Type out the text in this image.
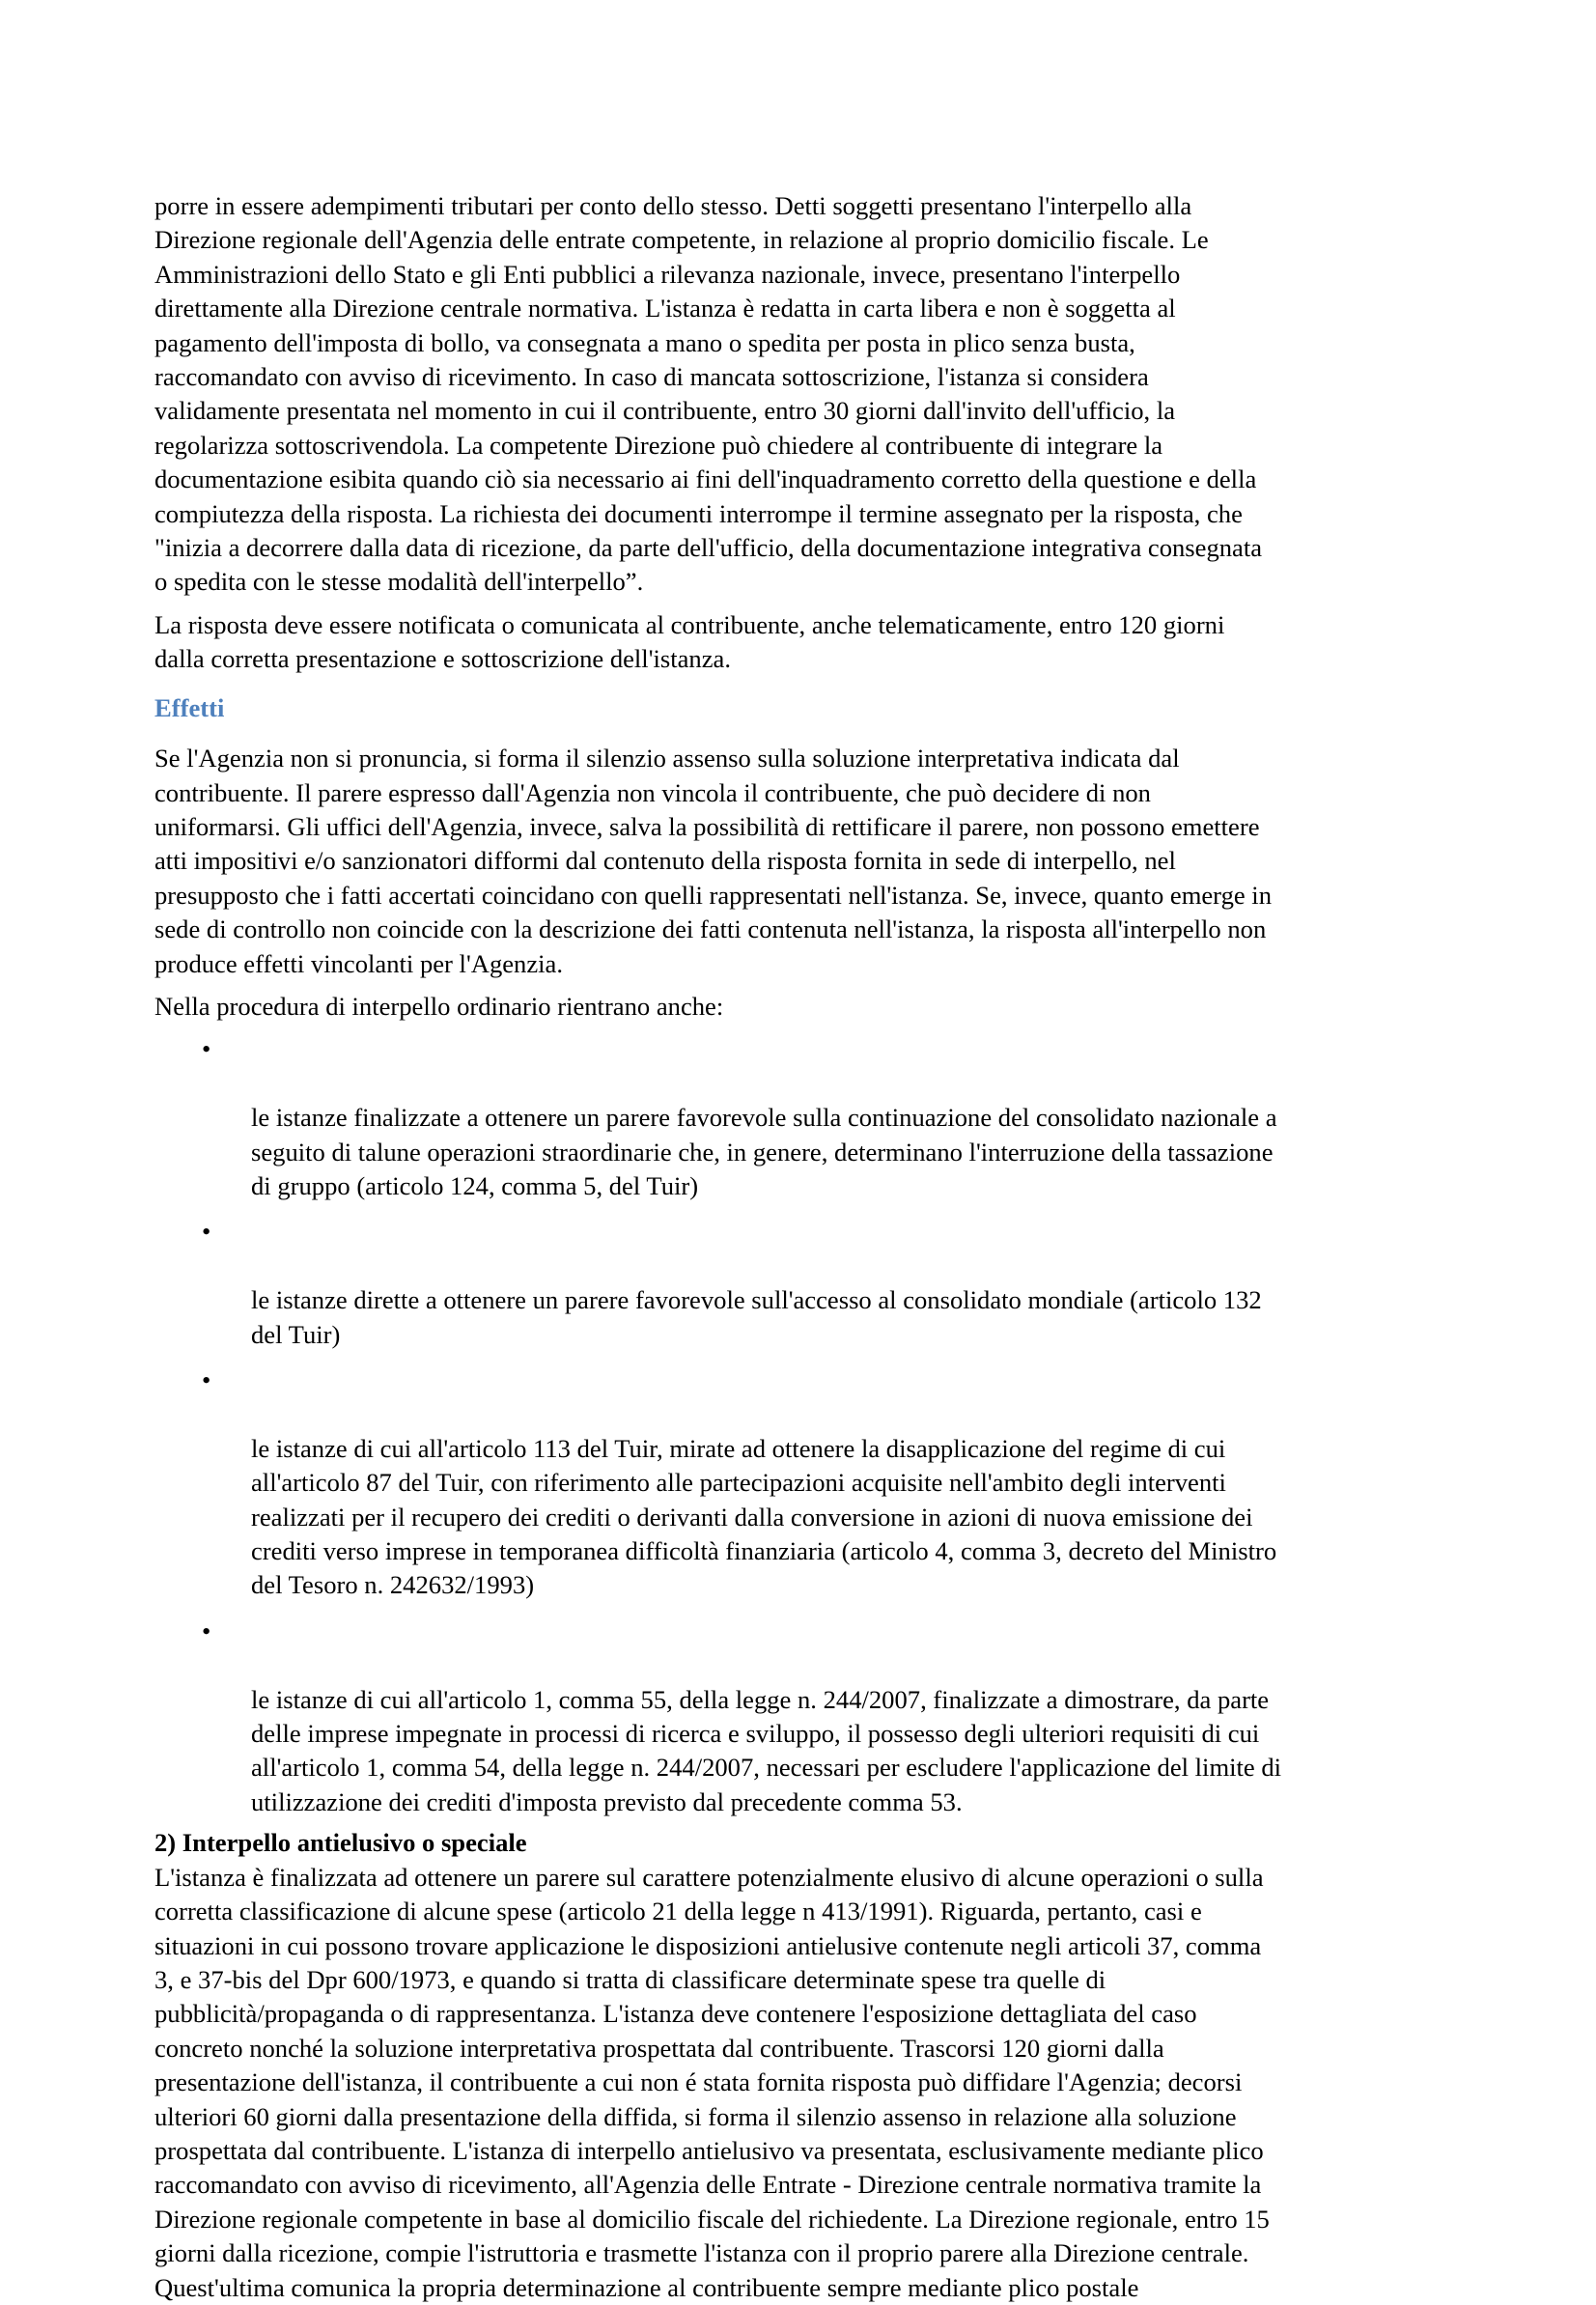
porre in essere adempimenti tributari per conto dello stesso. Detti soggetti presentano l'interpello alla
Direzione regionale dell'Agenzia delle entrate competente, in relazione al proprio domicilio fiscale. Le
Amministrazioni dello Stato e gli Enti pubblici a rilevanza nazionale, invece, presentano l'interpello
direttamente alla Direzione centrale normativa. L'istanza è redatta in carta libera e non è soggetta al
pagamento dell'imposta di bollo, va consegnata a mano o spedita per posta in plico senza busta,
raccomandato con avviso di ricevimento. In caso di mancata sottoscrizione, l'istanza si considera
validamente presentata nel momento in cui il contribuente, entro 30 giorni dall'invito dell'ufficio, la
regolarizza sottoscrivendola. La competente Direzione può chiedere al contribuente di integrare la
documentazione esibita quando ciò sia necessario ai fini dell'inquadramento corretto della questione e della
compiutezza della risposta. La richiesta dei documenti interrompe il termine assegnato per la risposta, che
"inizia a decorrere dalla data di ricezione, da parte dell'ufficio, della documentazione integrativa consegnata
o spedita con le stesse modalità dell'interpello”.

La risposta deve essere notificata o comunicata al contribuente, anche telematicamente, entro 120 giorni
dalla corretta presentazione e sottoscrizione dell'istanza.

Effetti

Se l'Agenzia non si pronuncia, si forma il silenzio assenso sulla soluzione interpretativa indicata dal
contribuente. Il parere espresso dall'Agenzia non vincola il contribuente, che può decidere di non
uniformarsi. Gli uffici dell'Agenzia, invece, salva la possibilità di rettificare il parere, non possono emettere
atti impositivi e/o sanzionatori difformi dal contenuto della risposta fornita in sede di interpello, nel
presupposto che i fatti accertati coincidano con quelli rappresentati nell'istanza. Se, invece, quanto emerge in
sede di controllo non coincide con la descrizione dei fatti contenuta nell'istanza, la risposta all'interpello non
produce effetti vincolanti per l'Agenzia.

Nella procedura di interpello ordinario rientrano anche:

•

le istanze finalizzate a ottenere un parere favorevole sulla continuazione del consolidato nazionale a
seguito di talune operazioni straordinarie che, in genere, determinano l'interruzione della tassazione
di gruppo (articolo 124, comma 5, del Tuir)

•

le istanze dirette a ottenere un parere favorevole sull'accesso al consolidato mondiale (articolo 132
del Tuir)

•

le istanze di cui all'articolo 113 del Tuir, mirate ad ottenere la disapplicazione del regime di cui
all'articolo 87 del Tuir, con riferimento alle partecipazioni acquisite nell'ambito degli interventi
realizzati per il recupero dei crediti o derivanti dalla conversione in azioni di nuova emissione dei
crediti verso imprese in temporanea difficoltà finanziaria (articolo 4, comma 3, decreto del Ministro
del Tesoro n. 242632/1993)

•

le istanze di cui all'articolo 1, comma 55, della legge n. 244/2007, finalizzate a dimostrare, da parte
delle imprese impegnate in processi di ricerca e sviluppo, il possesso degli ulteriori requisiti di cui
all'articolo 1, comma 54, della legge n. 244/2007, necessari per escludere l'applicazione del limite di
utilizzazione dei crediti d'imposta previsto dal precedente comma 53.

2) Interpello antielusivo o speciale

L'istanza è finalizzata ad ottenere un parere sul carattere potenzialmente elusivo di alcune operazioni o sulla
corretta classificazione di alcune spese (articolo 21 della legge n 413/1991). Riguarda, pertanto, casi e
situazioni in cui possono trovare applicazione le disposizioni antielusive contenute negli articoli 37, comma
3, e 37-bis del Dpr 600/1973, e quando si tratta di classificare determinate spese tra quelle di
pubblicità/propaganda o di rappresentanza. L'istanza deve contenere l'esposizione dettagliata del caso
concreto nonché la soluzione interpretativa prospettata dal contribuente. Trascorsi 120 giorni dalla
presentazione dell'istanza, il contribuente a cui non é stata fornita risposta può diffidare l'Agenzia; decorsi
ulteriori 60 giorni dalla presentazione della diffida, si forma il silenzio assenso in relazione alla soluzione
prospettata dal contribuente. L'istanza di interpello antielusivo va presentata, esclusivamente mediante plico
raccomandato con avviso di ricevimento, all'Agenzia delle Entrate - Direzione centrale normativa tramite la
Direzione regionale competente in base al domicilio fiscale del richiedente. La Direzione regionale, entro 15
giorni dalla ricezione, compie l'istruttoria e trasmette l'istanza con il proprio parere alla Direzione centrale.
Quest'ultima comunica la propria determinazione al contribuente sempre mediante plico postale
